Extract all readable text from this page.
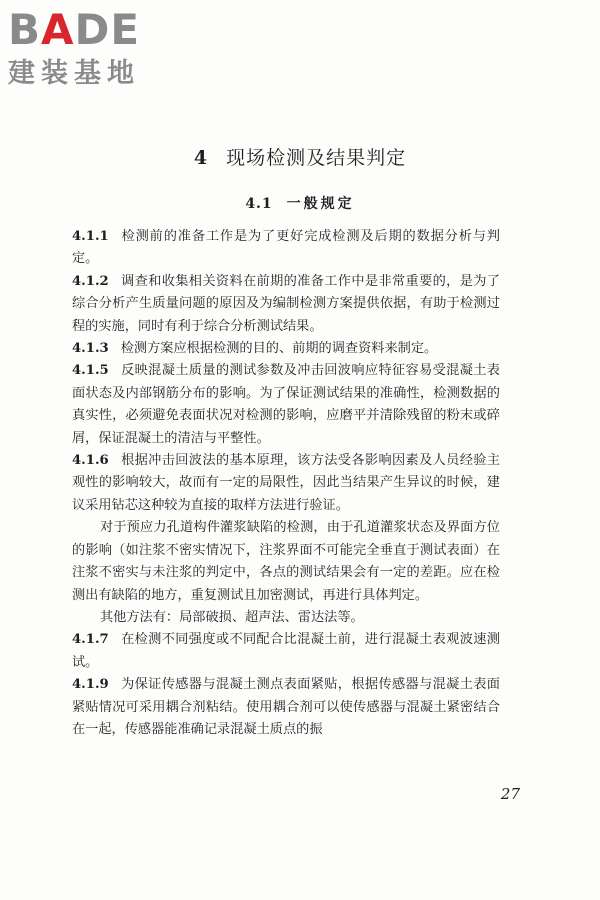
BADE
建装基地
4 现场检测及结果判定
4.1 一般规定

4.1.1 检测前的准备工作是为了更好完成检测及后期的数据分析与判定。

4.1.2 调查和收集相关资料在前期的准备工作中是非常重要的，是为了综合分析产生质量问题的原因及为编制检测方案提供依据，有助于检测过程的实施，同时有利于综合分析测试结果。

4.1.3 检测方案应根据检测的目的、前期的调查资料来制定。

4.1.5 反映混凝土质量的测试参数及冲击回波响应特征容易受混凝土表面状态及内部钢筋分布的影响。为了保证测试结果的准确性，检测数据的真实性，必须避免表面状况对检测的影响，应磨平并清除残留的粉末或碎屑，保证混凝土的清洁与平整性。

4.1.6 根据冲击回波法的基本原理，该方法受各影响因素及人员经验主观性的影响较大，故而有一定的局限性，因此当结果产生异议的时候，建议采用钻芯这种较为直接的取样方法进行验证。

对于预应力孔道构件灌浆缺陷的检测，由于孔道灌浆状态及界面方位的影响（如注浆不密实情况下，注浆界面不可能完全垂直于测试表面）在注浆不密实与未注浆的判定中，各点的测试结果会有一定的差距。应在检测出有缺陷的地方，重复测试且加密测试，再进行具体判定。

其他方法有：局部破损、超声法、雷达法等。

4.1.7 在检测不同强度或不同配合比混凝土前，进行混凝土表观波速测试。

4.1.9 为保证传感器与混凝土测点表面紧贴，根据传感器与混凝土表面紧贴情况可采用耦合剂粘结。使用耦合剂可以使传感器与混凝土紧密结合在一起，传感器能准确记录混凝土质点的振

27
